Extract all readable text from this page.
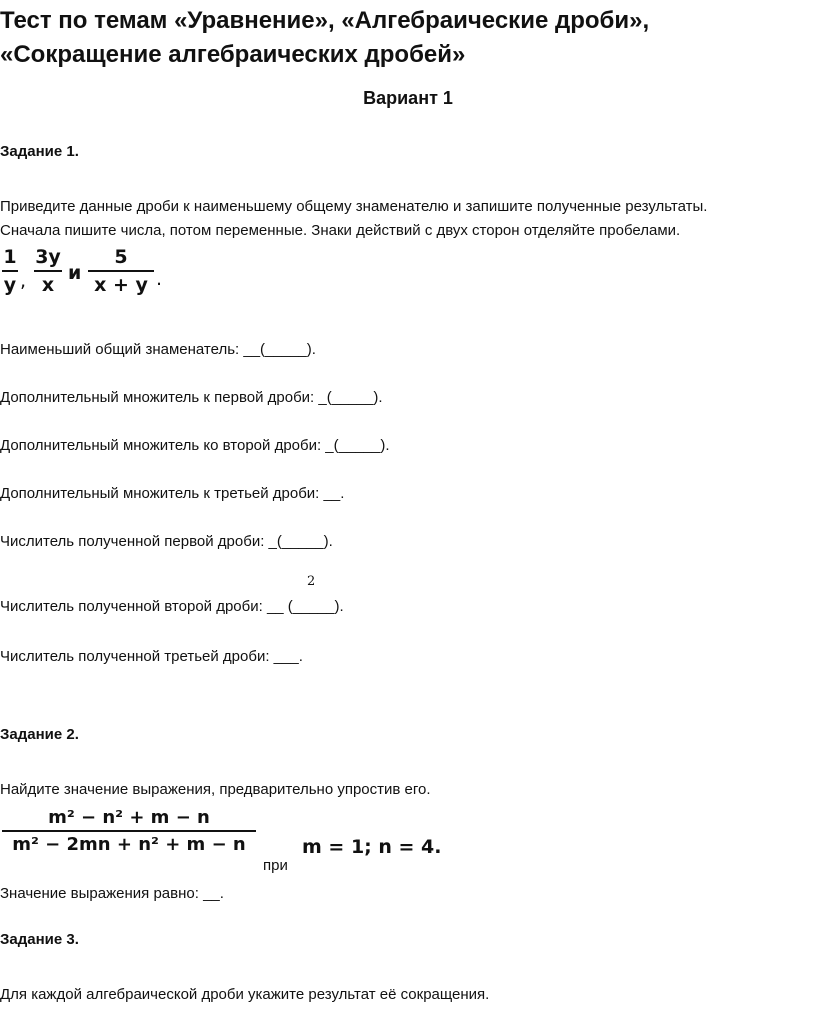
Тест по темам «Уравнение», «Алгебраические дроби»,
«Сокращение алгебраических дробей»
Вариант 1
Задание 1.
Приведите данные дроби к наименьшему общему знаменателю и запишите полученные результаты.
Сначала пишите числа, потом переменные. Знаки действий с двух сторон отделяйте пробелами.
1
y ,
3y
x
и
5
x + y .
Наименьший общий знаменатель: __(_____).
Дополнительный множитель к первой дроби: _(_____).
Дополнительный множитель ко второй дроби: _(_____).
Дополнительный множитель к третьей дроби: __.
Числитель полученной первой дроби: _(_____).
2
Числитель полученной второй дроби: __ (_____).
Числитель полученной третьей дроби: ___.
Задание 2.
Найдите значение выражения, предварительно упростив его.
m² − n² + m − n
m² − 2mn + n² + m − n
при
m = 1; n = 4.
Значение выражения равно: __.
Задание 3.
Для каждой алгебраической дроби укажите результат её сокращения.
